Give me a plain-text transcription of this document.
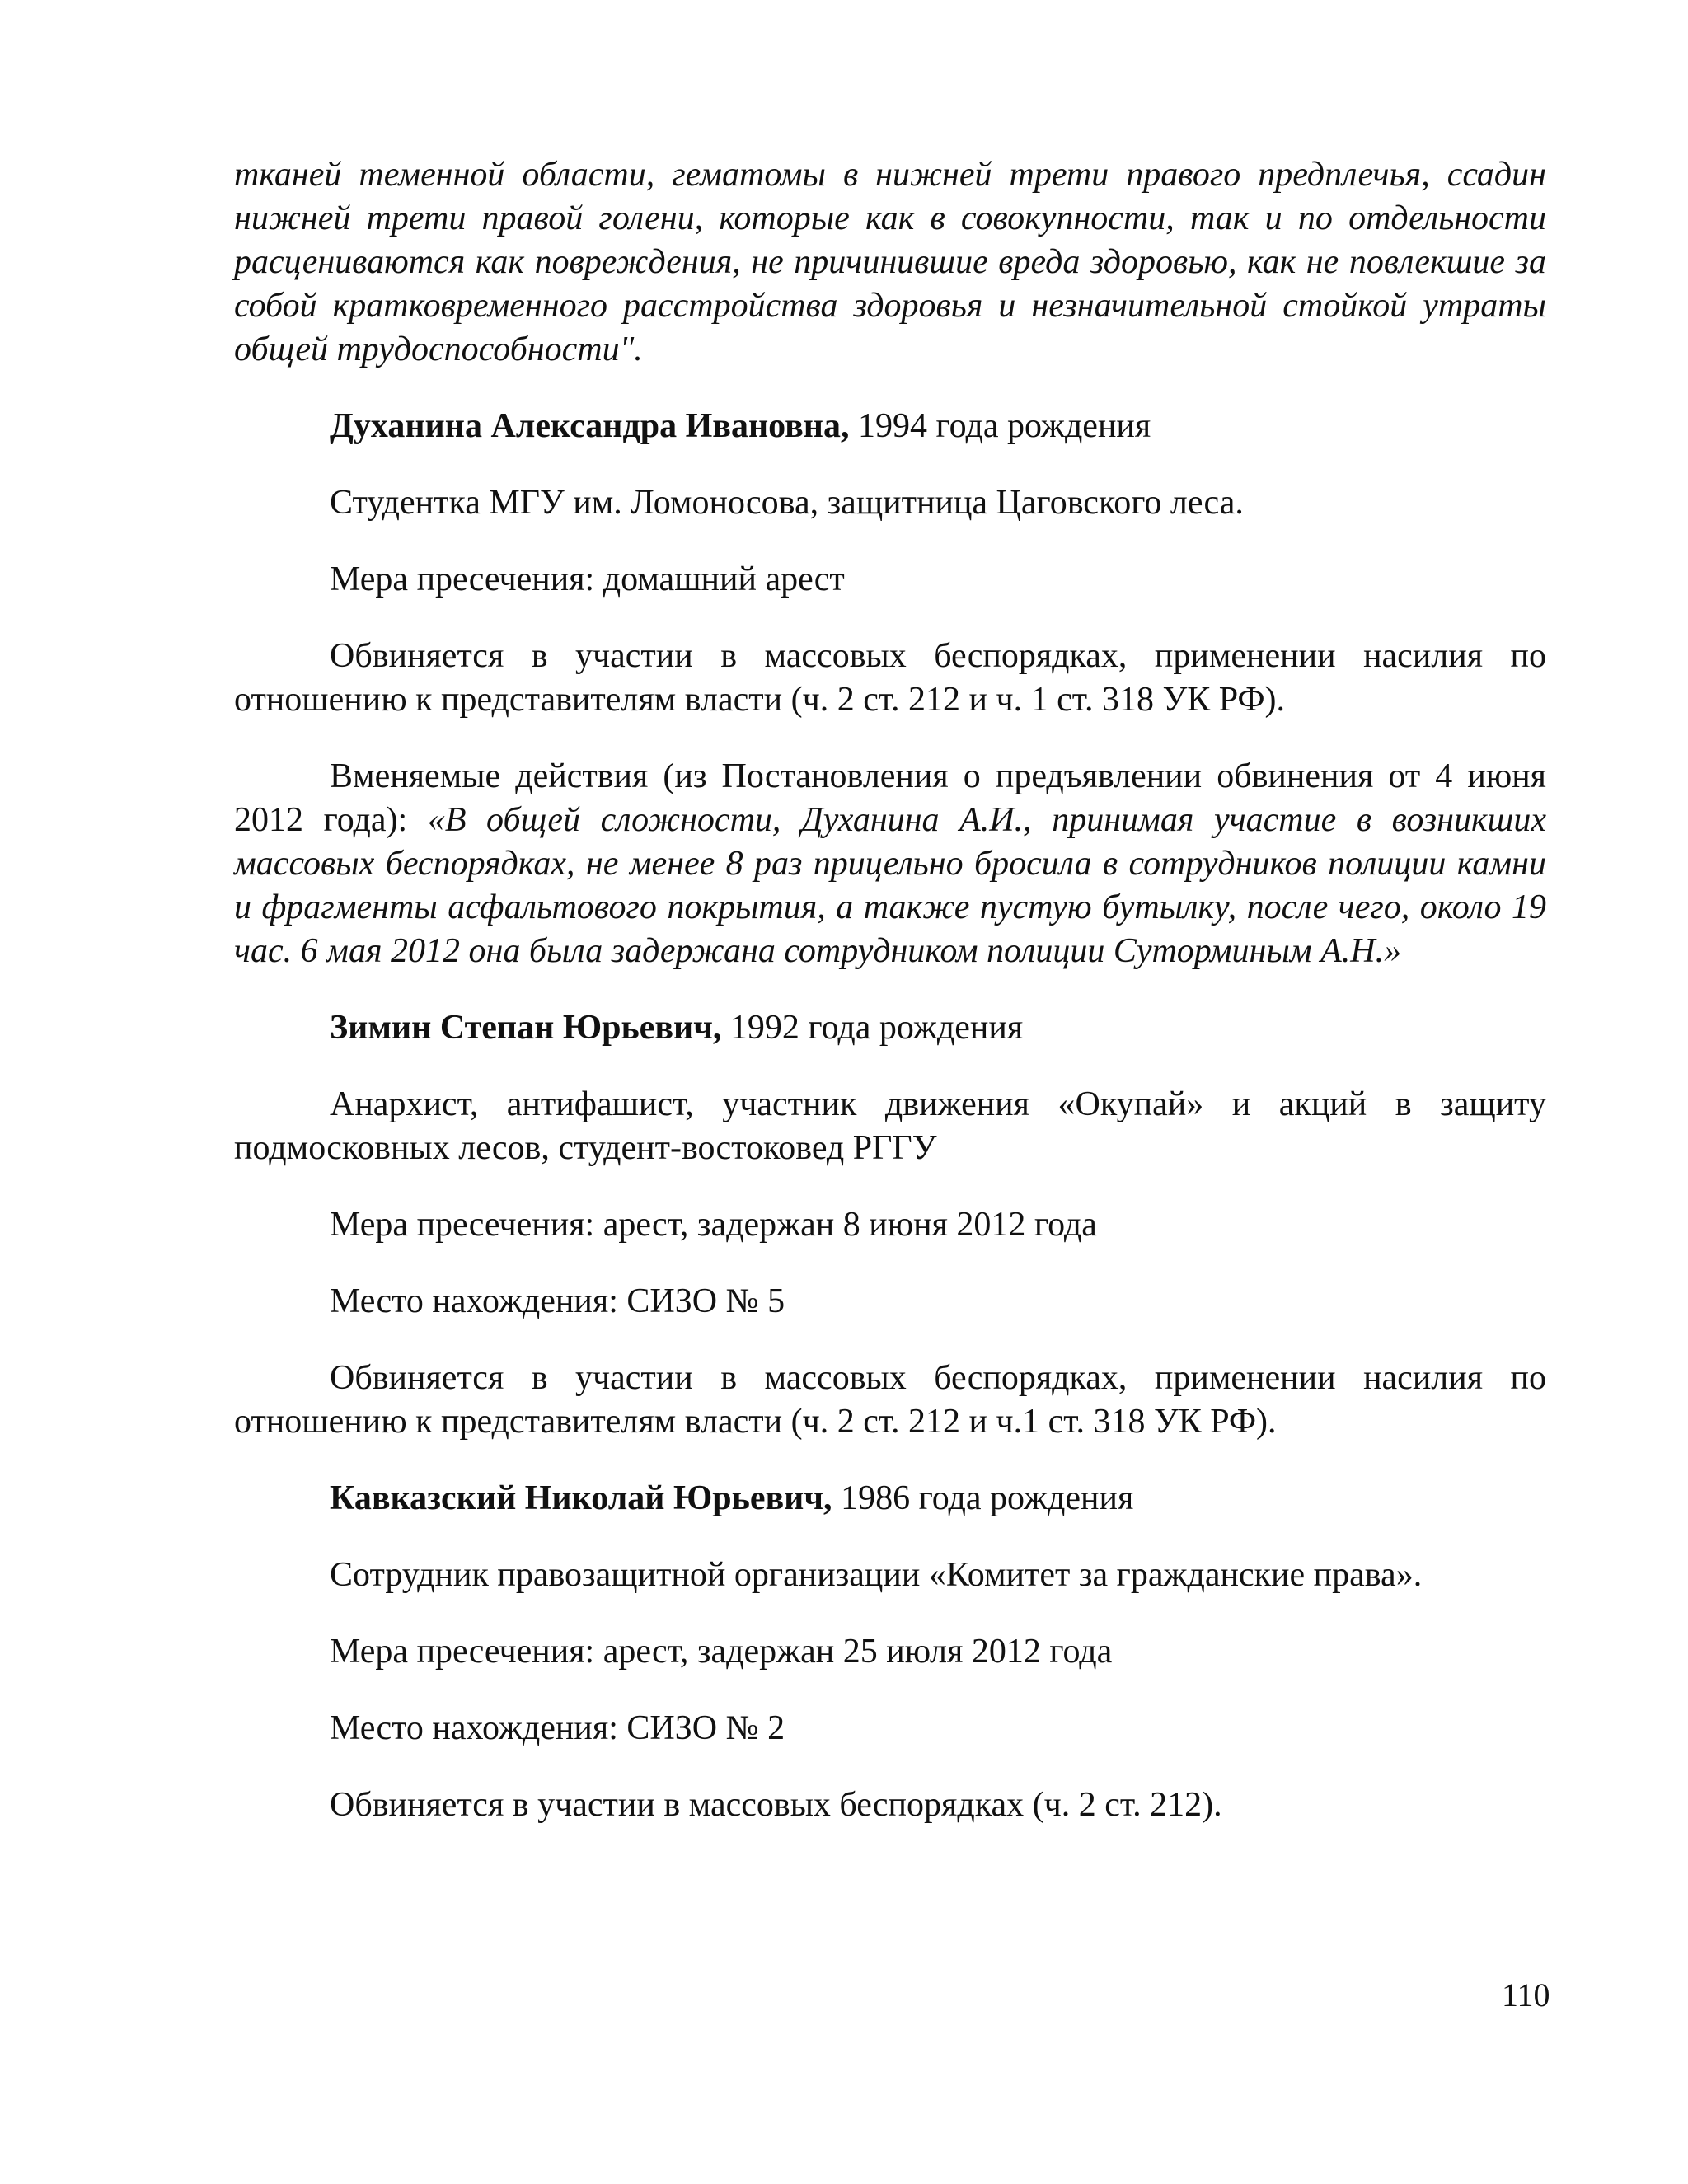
тканей теменной области, гематомы в нижней трети правого предплечья, ссадин нижней трети правой голени, которые как в совокупности, так и по отдельности расцениваются как повреждения, не причинившие вреда здоровью, как не повлекшие за собой кратковременного расстройства здоровья и незначительной стойкой утраты общей трудоспособности".

Духанина Александра Ивановна, 1994 года рождения

Студентка МГУ им. Ломоносова, защитница Цаговского леса.

Мера пресечения: домашний арест

Обвиняется в участии в массовых беспорядках, применении насилия по отношению к представителям власти (ч. 2 ст. 212 и ч. 1 ст. 318 УК РФ).

Вменяемые действия (из Постановления о предъявлении обвинения от 4 июня 2012 года): «В общей сложности, Духанина А.И., принимая участие в возникших массовых беспорядках, не менее 8 раз прицельно бросила в сотрудников полиции камни и фрагменты асфальтового покрытия, а также пустую бутылку, после чего, около 19 час. 6 мая 2012 она была задержана сотрудником полиции Суторминым А.Н.»

Зимин Степан Юрьевич, 1992 года рождения

Анархист, антифашист, участник движения «Окупай» и акций в защиту подмосковных лесов, студент-востоковед РГГУ

Мера пресечения: арест, задержан 8 июня 2012 года

Место нахождения: СИЗО № 5

Обвиняется в участии в массовых беспорядках, применении насилия по отношению к представителям власти (ч. 2 ст. 212 и ч.1 ст. 318 УК РФ).

Кавказский Николай Юрьевич, 1986 года рождения

Сотрудник правозащитной организации «Комитет за гражданские права».

Мера пресечения: арест, задержан 25 июля 2012 года

Место нахождения: СИЗО № 2

Обвиняется в участии в массовых беспорядках (ч. 2 ст. 212).

110
